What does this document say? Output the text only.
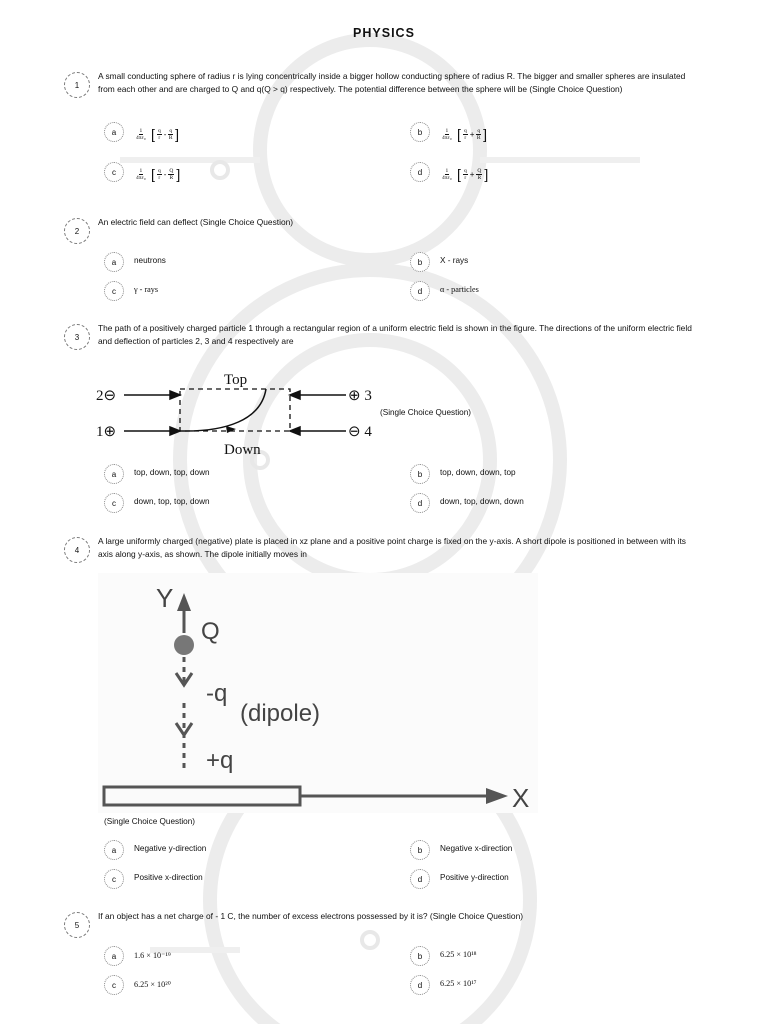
PHYSICS
1
A small conducting sphere of radius r is lying concentrically inside a bigger hollow conducting sphere of radius R. The bigger and smaller spheres are insulated from each other and are charged to Q and q(Q > q) respectively. The potential difference between the sphere will be (Single Choice Question)
a	$\frac{1}{\text{4πε₀}}$ [ $\frac{q}{r} - \frac{q}{R}$ ]	b	$\frac{1}{\text{4πε₀}}$ [ $\frac{q}{r} + \frac{q}{R}$ ]
c	$\frac{1}{\text{4πε₀}}$ [ $\frac{q}{r} - \frac{Q}{R}$ ]	d	$\frac{1}{\text{4πε₀}}$ [ $\frac{q}{r} + \frac{Q}{R}$ ]
2
An electric field can deflect (Single Choice Question)
a	neutrons	b	X - rays
c	γ - rays	d	α - particles
3
The path of a positively charged particle 1 through a rectangular region of a uniform electric field is shown in the figure. The directions of the uniform electric field and deflection of particles 2, 3 and 4 respectively are
Top
Down
2⊖
1⊕
⊕ 3
⊖ 4
(Single Choice Question)
a	top, down, top, down	b	top, down, down, top
c	down, top, top, down	d	down, top, down, down
4
A large uniformly charged (negative) plate is placed in xz plane and a positive point charge is fixed on the y-axis. A short dipole is positioned in between with its axis along y-axis, as shown. The dipole initially moves in
Y
Q
-q
(dipole)
+q
X
(Single Choice Question)
a	Negative y-direction	b	Negative x-direction
c	Positive x-direction	d	Positive y-direction
5
If an object has a net charge of - 1 C, the number of excess electrons possessed by it is? (Single Choice Question)
a	1.6 × 10⁻¹⁹	b	6.25 × 10¹⁸
c	6.25 × 10²⁰	d	6.25 × 10¹⁷
